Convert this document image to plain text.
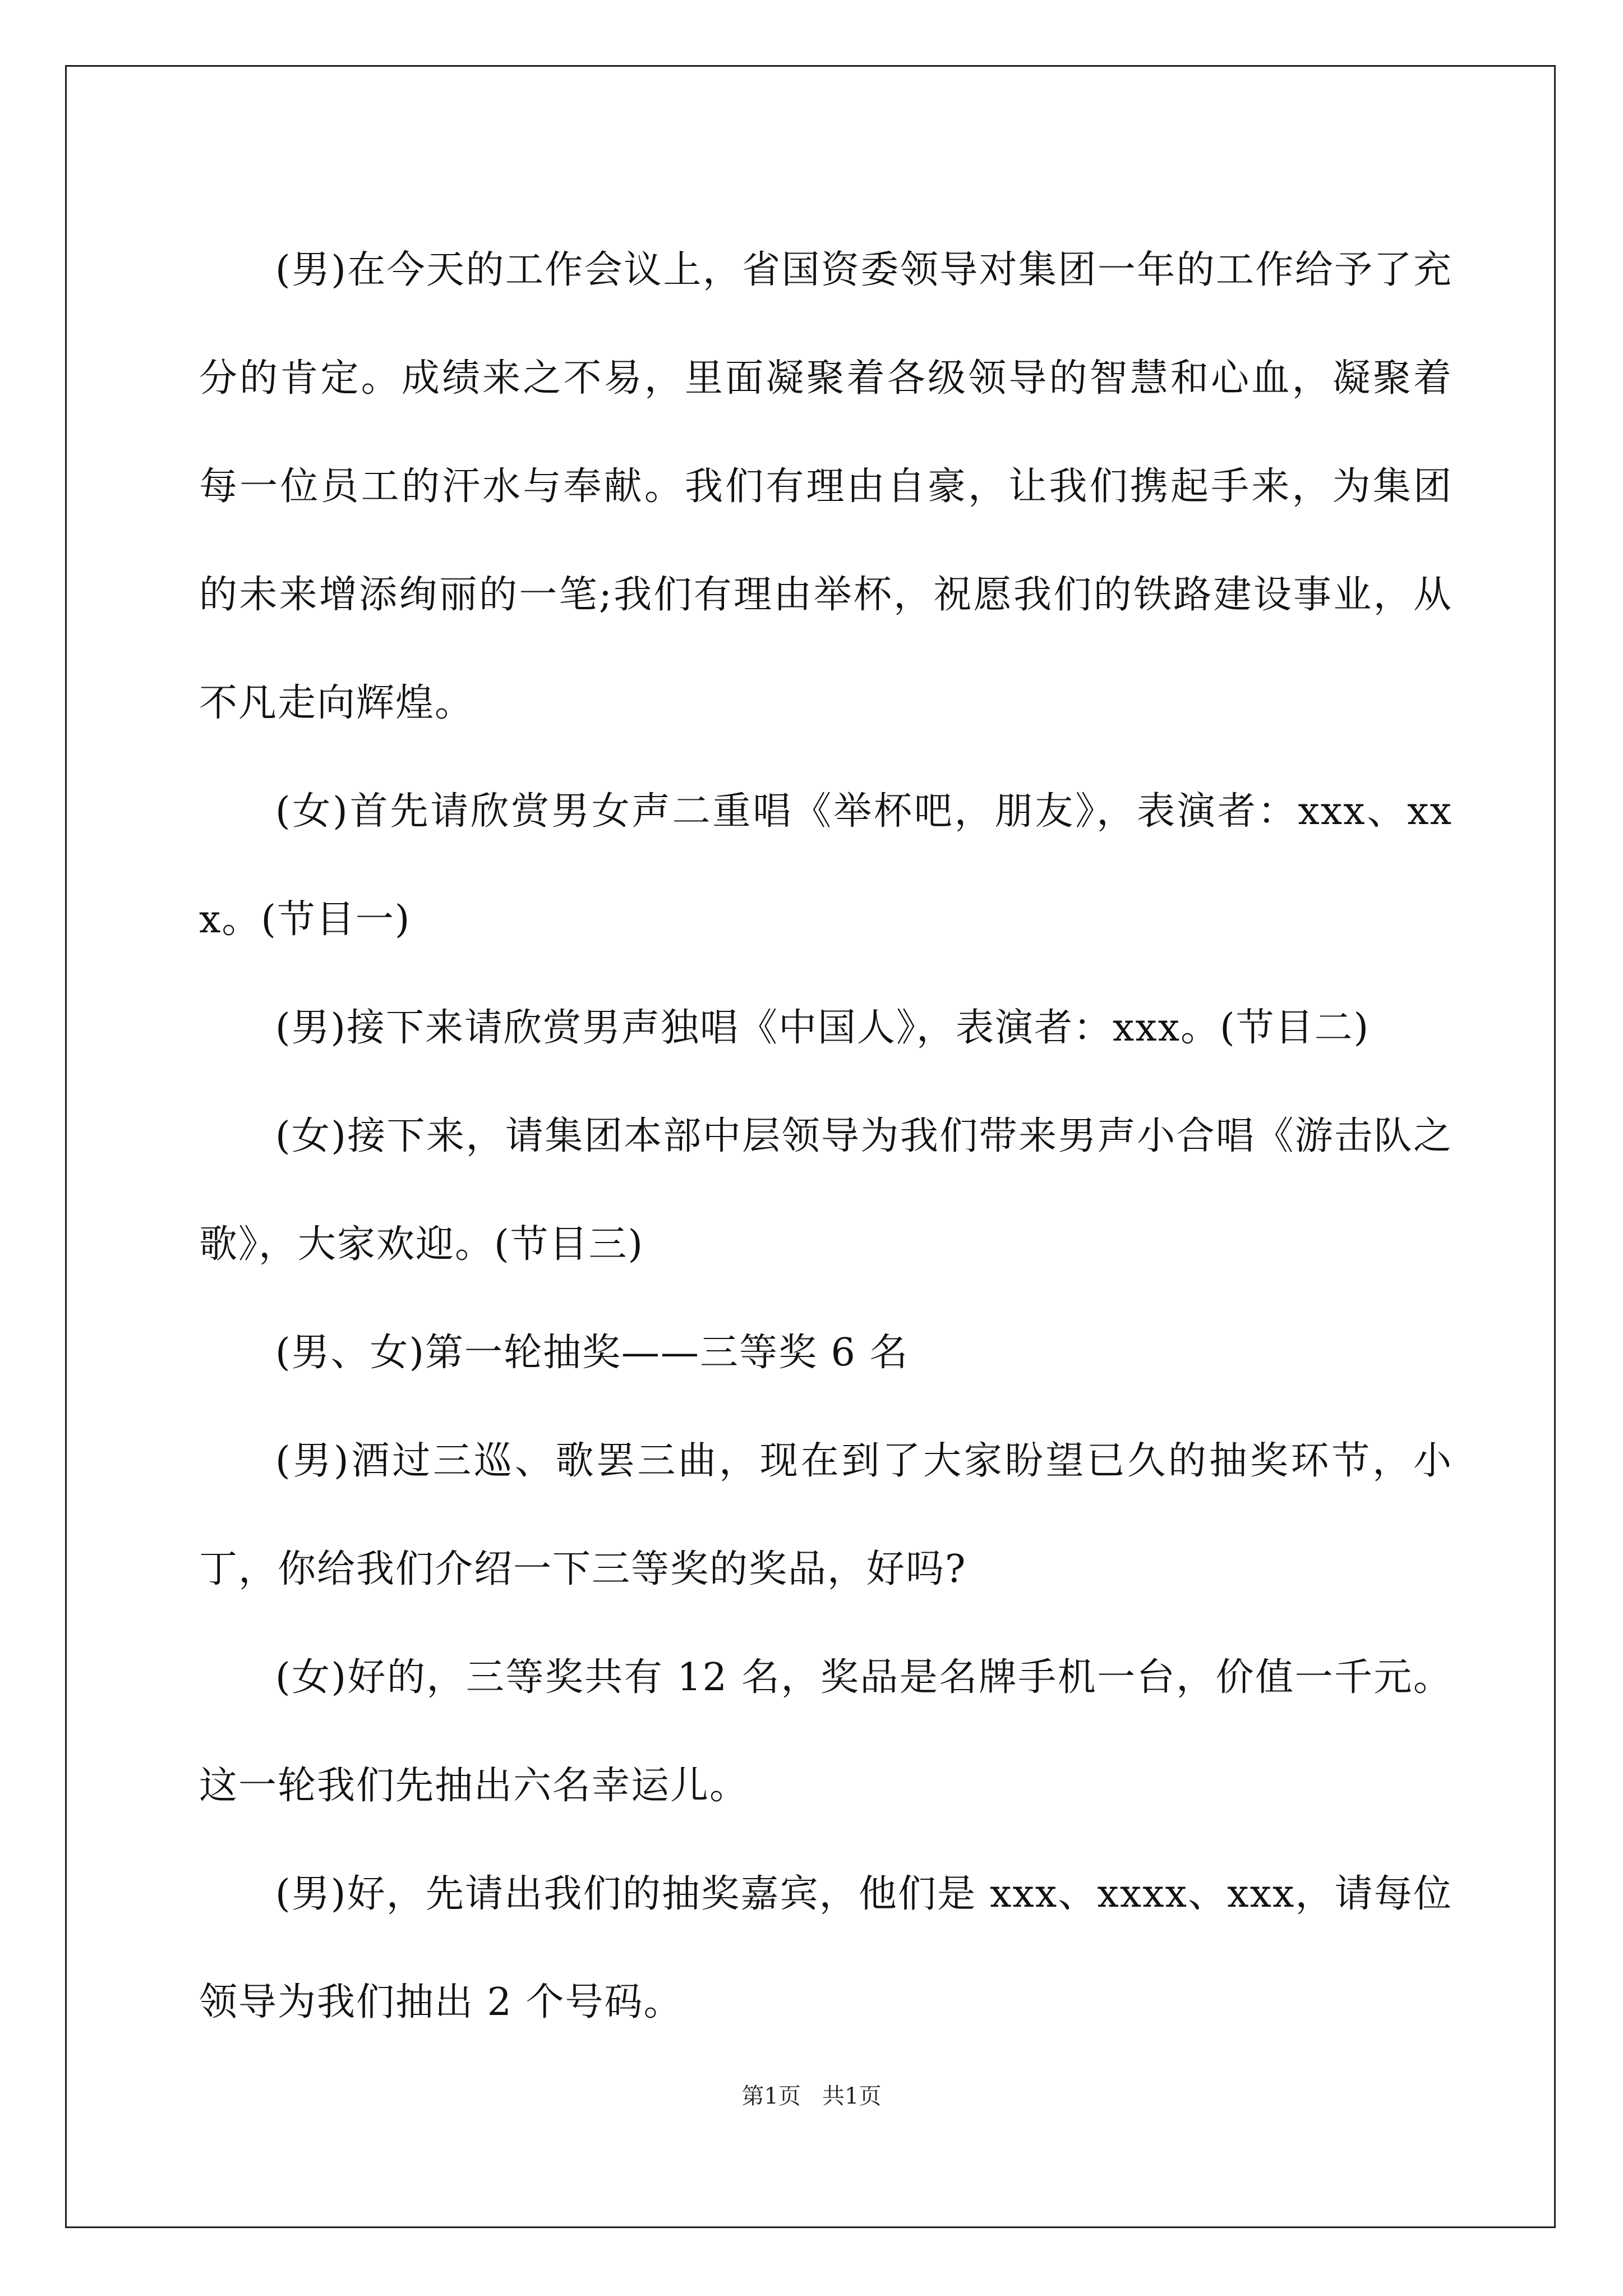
(男)在今天的工作会议上，省国资委领导对集团一年的工作给予了充分的肯定。成绩来之不易，里面凝聚着各级领导的智慧和心血，凝聚着每一位员工的汗水与奉献。我们有理由自豪，让我们携起手来，为集团的未来增添绚丽的一笔;我们有理由举杯，祝愿我们的铁路建设事业，从不凡走向辉煌。

(女)首先请欣赏男女声二重唱《举杯吧，朋友》，表演者：xxx、xxx。(节目一)

(男)接下来请欣赏男声独唱《中国人》，表演者：xxx。(节目二)

(女)接下来，请集团本部中层领导为我们带来男声小合唱《游击队之歌》，大家欢迎。(节目三)

(男、女)第一轮抽奖——三等奖 6 名

(男)酒过三巡、歌罢三曲，现在到了大家盼望已久的抽奖环节，小丁，你给我们介绍一下三等奖的奖品，好吗?

(女)好的，三等奖共有 12 名，奖品是名牌手机一台，价值一千元。这一轮我们先抽出六名幸运儿。

(男)好，先请出我们的抽奖嘉宾，他们是 xxx、xxxx、xxx，请每位领导为我们抽出 2 个号码。

第1页   共1页
